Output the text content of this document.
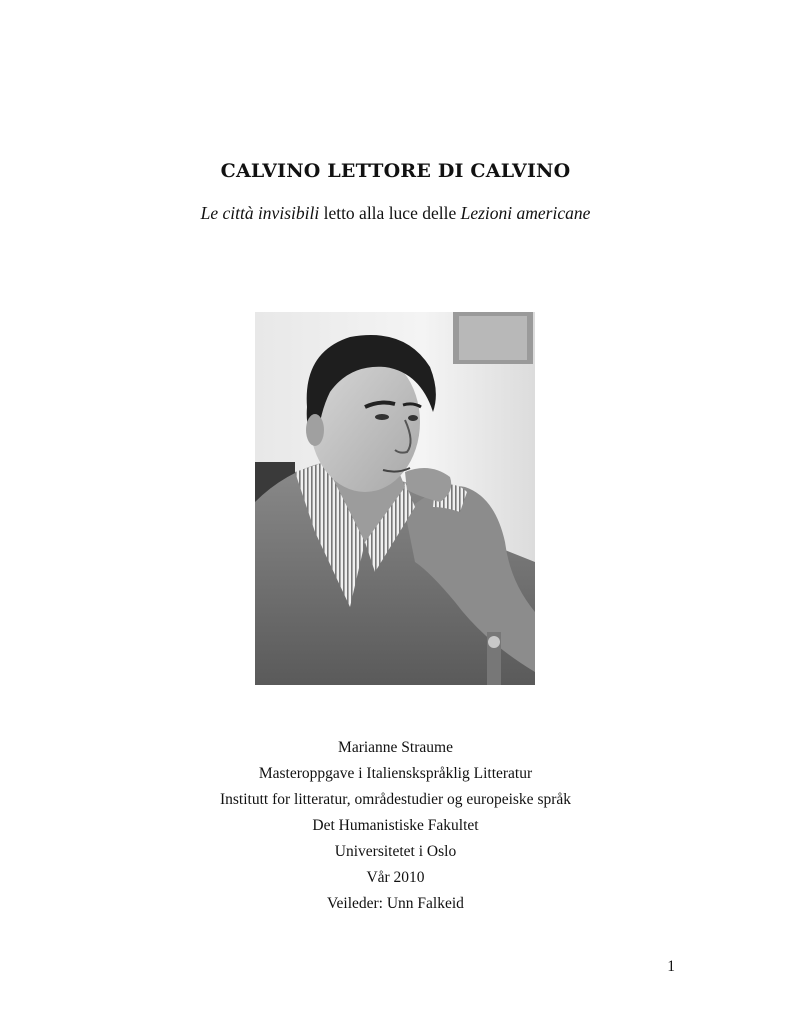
CALVINO LETTORE DI CALVINO
Le città invisibili letto alla luce delle Lezioni americane
Marianne Straume
Masteroppgave i Italienskspråklig Litteratur
Institutt for litteratur, områdestudier og europeiske språk
Det Humanistiske Fakultet
Universitetet i Oslo
Vår 2010
Veileder: Unn Falkeid
1
